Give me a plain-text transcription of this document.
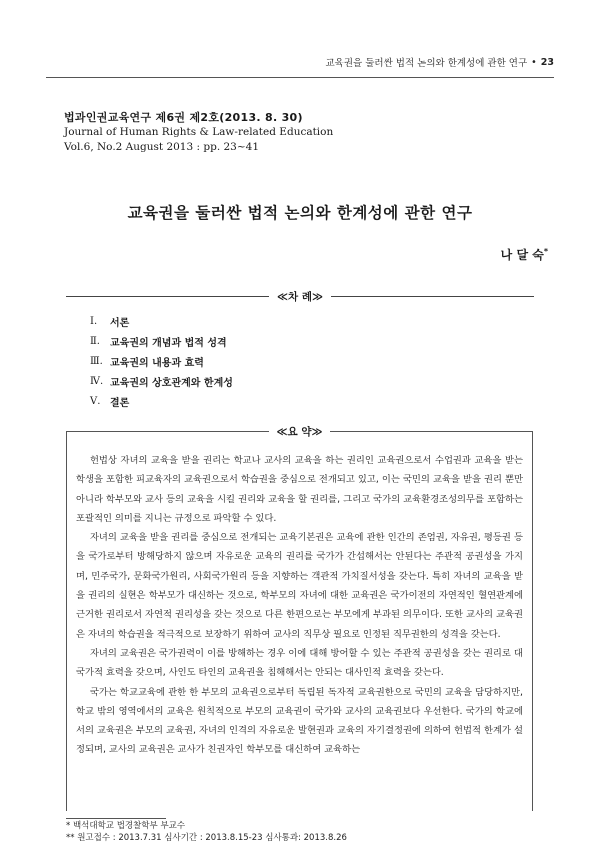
교육권을 둘러싼 법적 논의와 한계성에 관한 연구 • 23
법과인권교육연구 제6권 제2호(2013. 8. 30)
Journal of Human Rights & Law-related Education
Vol.6, No.2 August 2013 : pp. 23~41
교육권을 둘러싼 법적 논의와 한계성에 관한 연구
나 달 숙*
≪차 례≫
Ⅰ.	서론
Ⅱ.	교육권의 개념과 법적 성격
Ⅲ. 교육권의 내용과 효력
Ⅳ. 교육권의 상호관계와 한계성
Ⅴ. 결론
≪요 약≫

헌법상 자녀의 교육을 받을 권리는 학교나 교사의 교육을 하는 권리인 교육권으로서 수업권과 교육을 받는 학생을 포함한 피교육자의 교육권으로서 학습권을 중심으로 전개되고 있고, 이는 국민의 교육을 받을 권리 뿐만 아니라 학부모와 교사 등의 교육을 시킬 권리와 교육을 할 권리를, 그리고 국가의 교육환경조성의무를 포함하는 포괄적인 의미를 지니는 규정으로 파악할 수 있다.

자녀의 교육을 받을 권리를 중심으로 전개되는 교육기본권은 교육에 관한 인간의 존엄권, 자유권, 평등권 등을 국가로부터 방해당하지 않으며 자유로운 교육의 권리를 국가가 간섭해서는 안된다는 주관적 공권성을 가지며, 민주국가, 문화국가원리, 사회국가원리 등을 지향하는 객관적 가치질서성을 갖는다. 특히 자녀의 교육을 받을 권리의 실현은 학부모가 대신하는 것으로, 학부모의 자녀에 대한 교육권은 국가이전의 자연적인 혈연관계에 근거한 권리로서 자연적 권리성을 갖는 것으로 다른 한편으로는 부모에게 부과된 의무이다. 또한 교사의 교육권은 자녀의 학습권을 적극적으로 보장하기 위하여 교사의 직무상 필요로 인정된 직무권한의 성격을 갖는다.

자녀의 교육권은 국가권력이 이를 방해하는 경우 이에 대해 방어할 수 있는 주관적 공권성을 갖는 권리로 대국가적 효력을 갖으며, 사인도 타인의 교육권을 침해해서는 안되는 대사인적 효력을 갖는다.

국가는 학교교육에 관한 한 부모의 교육권으로부터 독립된 독자적 교육권한으로 국민의 교육을 담당하지만, 학교 밖의 영역에서의 교육은 원칙적으로 부모의 교육권이 국가와 교사의 교육권보다 우선한다. 국가의 학교에서의 교육권은 부모의 교육권, 자녀의 인격의 자유로운 발현권과 교육의 자기결정권에 의하여 헌법적 한계가 설정되며, 교사의 교육권은 교사가 친권자인 학부모를 대신하여 교육하는

* 백석대학교 법경찰학부 부교수
** 원고접수 : 2013.7.31 심사기간 : 2013.8.15-23 심사통과: 2013.8.26
